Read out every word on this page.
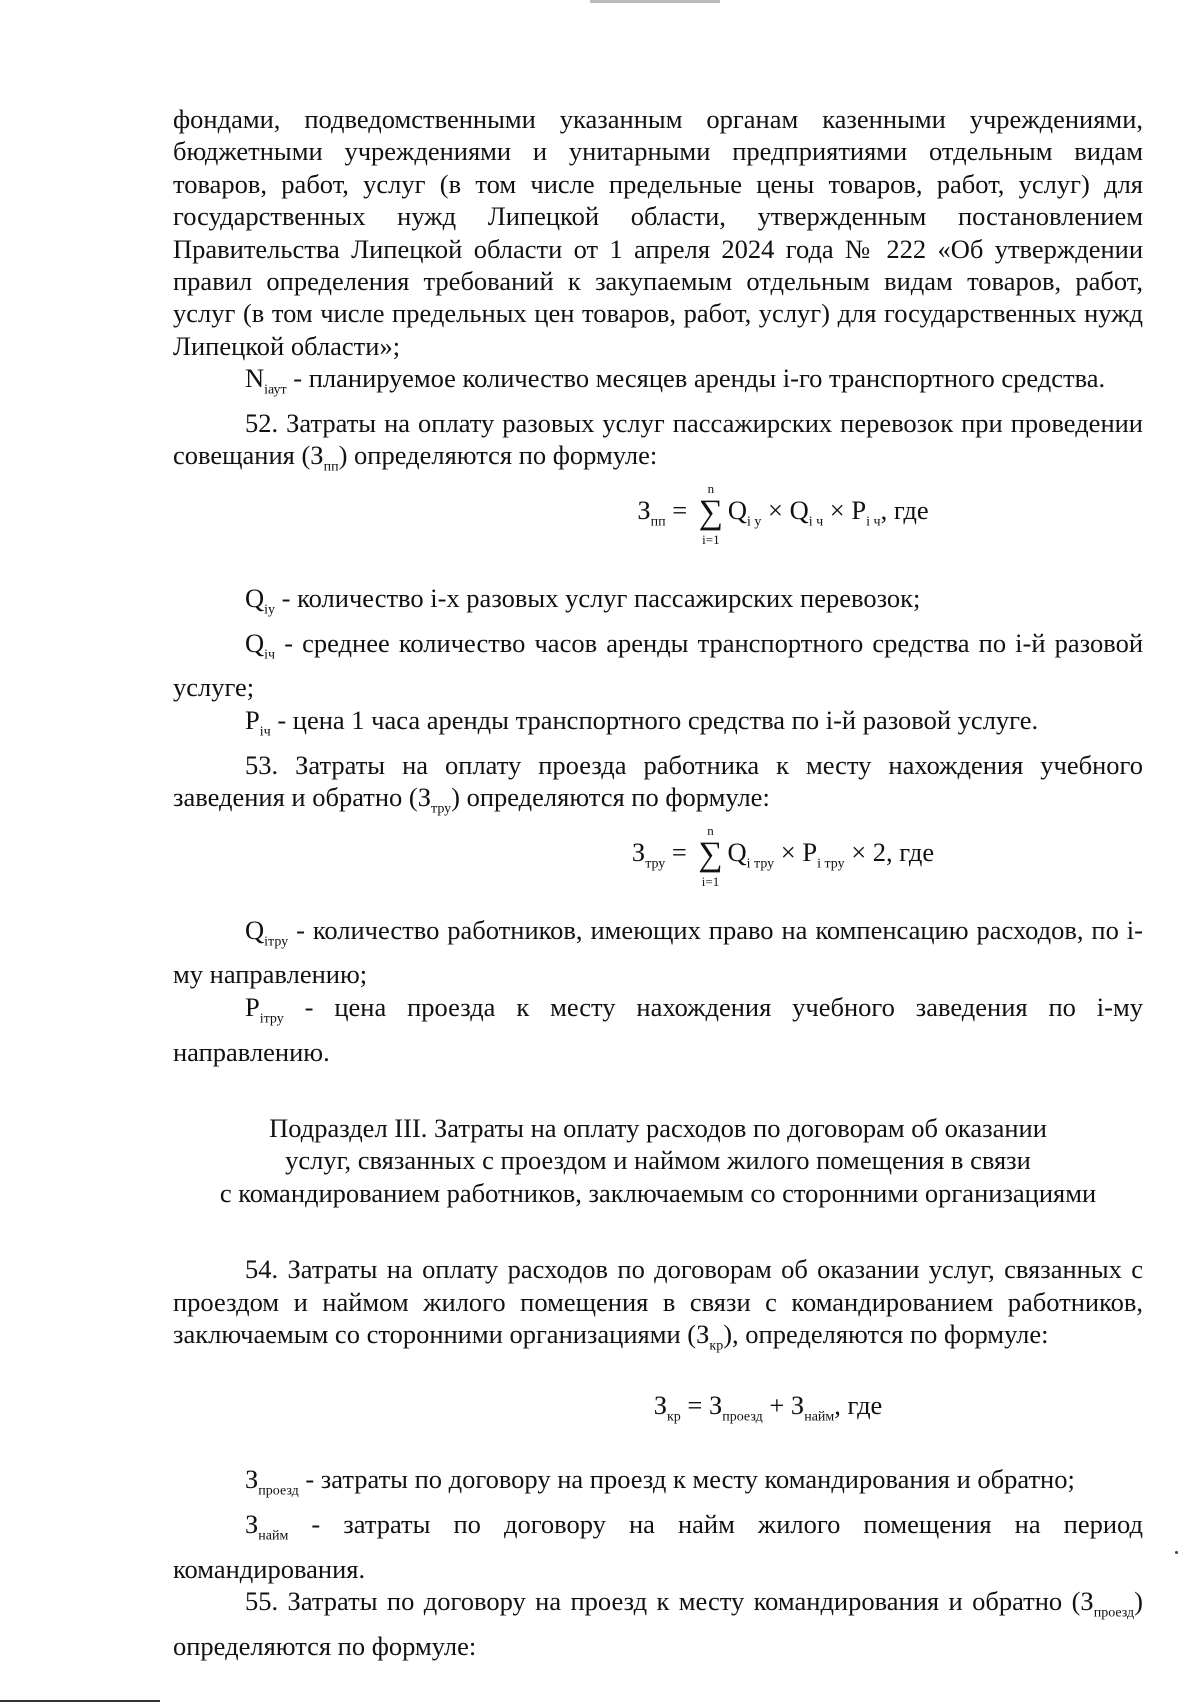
фондами, подведомственными указанным органам казенными учреждениями, бюджетными учреждениями и унитарными предприятиями отдельным видам товаров, работ, услуг (в том числе предельные цены товаров, работ, услуг) для государственных нужд Липецкой области, утвержденным постановлением Правительства Липецкой области от 1 апреля 2024 года № 222 «Об утверждении правил определения требований к закупаемым отдельным видам товаров, работ, услуг (в том числе предельных цен товаров, работ, услуг) для государственных нужд Липецкой области»;

$N_{iаут}$ - планируемое количество месяцев аренды i-го транспортного средства.

52. Затраты на оплату разовых услуг пассажирских перевозок при проведении совещания $(З_{пп})$ определяются по формуле:

$З_{пп}$ =
n
∑
i=1
$Q_{i у} \times Q_{i ч} \times P_{i ч}$, где

$Q_{iу}$ - количество i-х разовых услуг пассажирских перевозок;

$Q_{iч}$ - среднее количество часов аренды транспортного средства по i-й разовой услуге;

$P_{iч}$ - цена 1 часа аренды транспортного средства по i-й разовой услуге.

53. Затраты на оплату проезда работника к месту нахождения учебного заведения и обратно $(З_{тру})$ определяются по формуле:

$З_{тру}$ =
n
∑
i=1
$Q_{i тру} \times P_{i тру} \times 2$, где

$Q_{iтру}$ - количество работников, имеющих право на компенсацию расходов, по i-му направлению;

$P_{iтру}$ - цена проезда к месту нахождения учебного заведения по i-му направлению.

Подраздел III. Затраты на оплату расходов по договорам об оказании
услуг, связанных с проездом и наймом жилого помещения в связи
с командированием работников, заключаемым со сторонними организациями

54. Затраты на оплату расходов по договорам об оказании услуг, связанных с проездом и наймом жилого помещения в связи с командированием работников, заключаемым со сторонними организациями $(З_{кр})$, определяются по формуле:

$З_{кр} = З_{проезд} + З_{найм}$, где

$З_{проезд}$ - затраты по договору на проезд к месту командирования и обратно;

$З_{найм}$ - затраты по договору на найм жилого помещения на период командирования.

55. Затраты по договору на проезд к месту командирования и обратно $(З_{проезд})$ определяются по формуле:
